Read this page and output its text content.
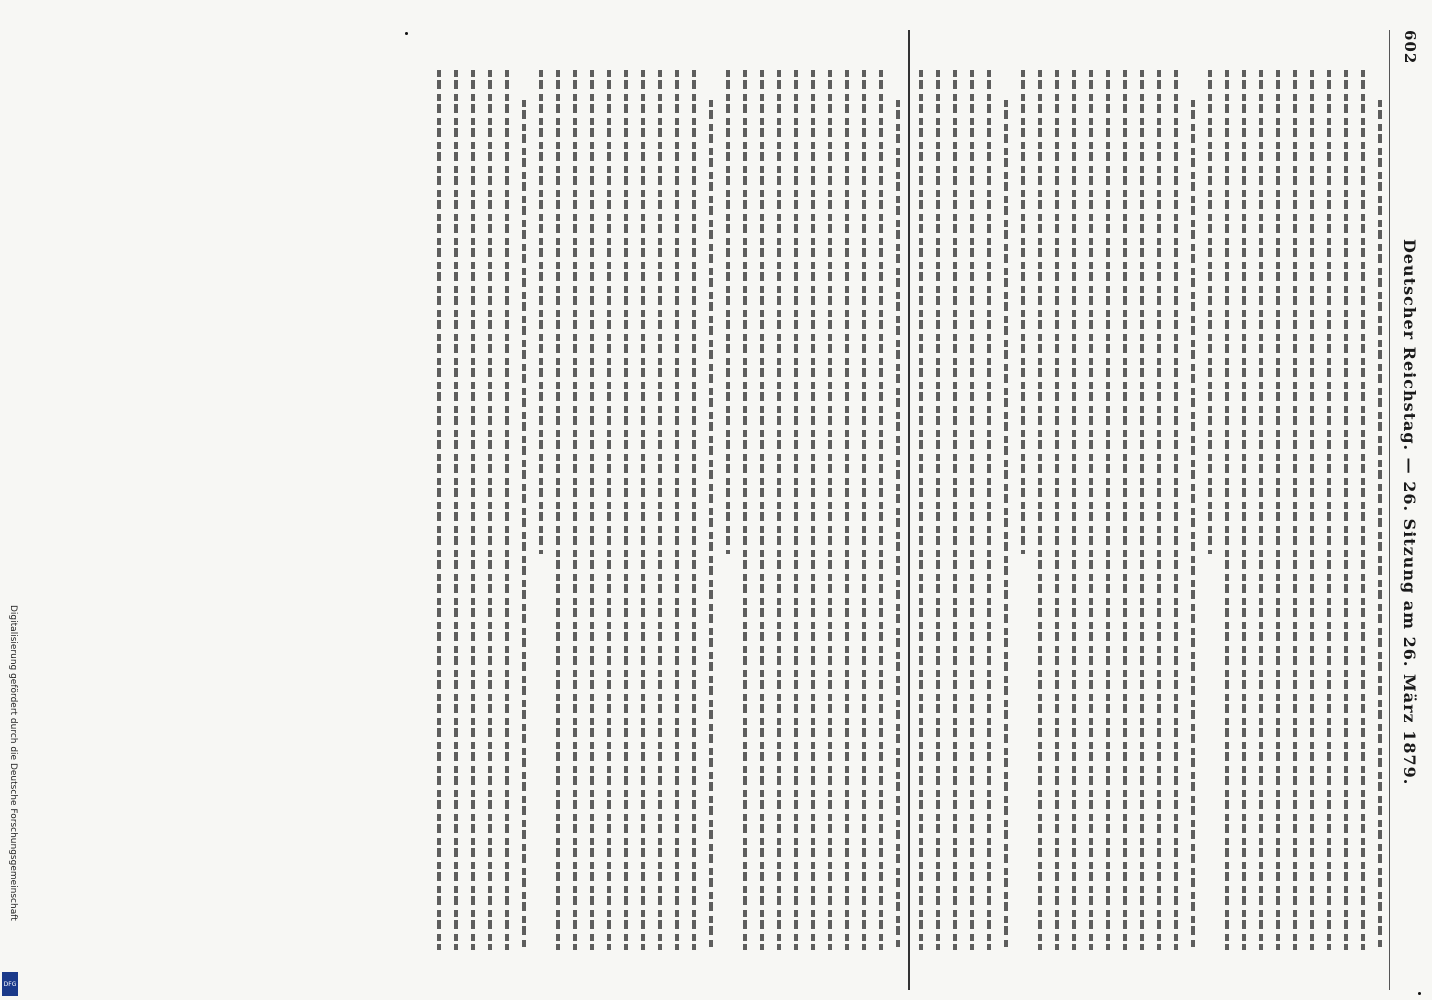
602
Deutscher Reichstag. — 26. Sitzung am 26. März 1879.
Digitalisierung gefördert durch die Deutsche Forschungsgemeinschaft
DFG
